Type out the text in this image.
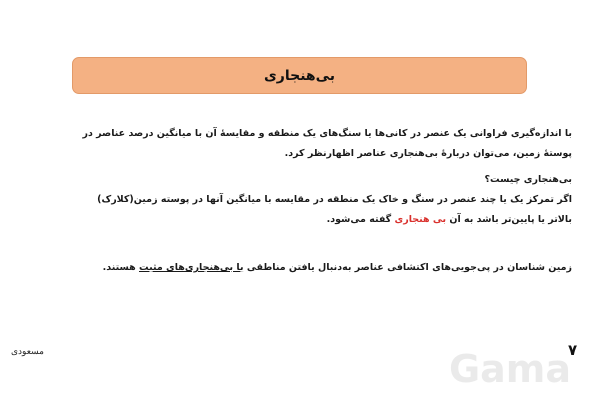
بی‌هنجاری

با اندازه‌گیری فراوانی یک عنصر در کانی‌ها یا سنگ‌های یک منطقه و مقایسهٔ آن با میانگین درصد عناصر در پوستهٔ زمین، می‌توان دربارهٔ بی‌هنجاری عناصر اظهارنظر کرد.

بی‌هنجاری چیست؟

اگر تمرکز یک یا چند عنصر در سنگ و خاک یک منطقه در مقایسه با میانگین آنها در پوسته زمین(کلارک) بالاتر یا پایین‌تر باشد به آن بی هنجاری گفته می‌شود.

زمین شناسان در پی‌جویی‌های اکتشافی عناصر به‌دنبال یافتن مناطقی با بی‌هنجاری‌های مثبت هستند.

۷
مسعودی	Gama
